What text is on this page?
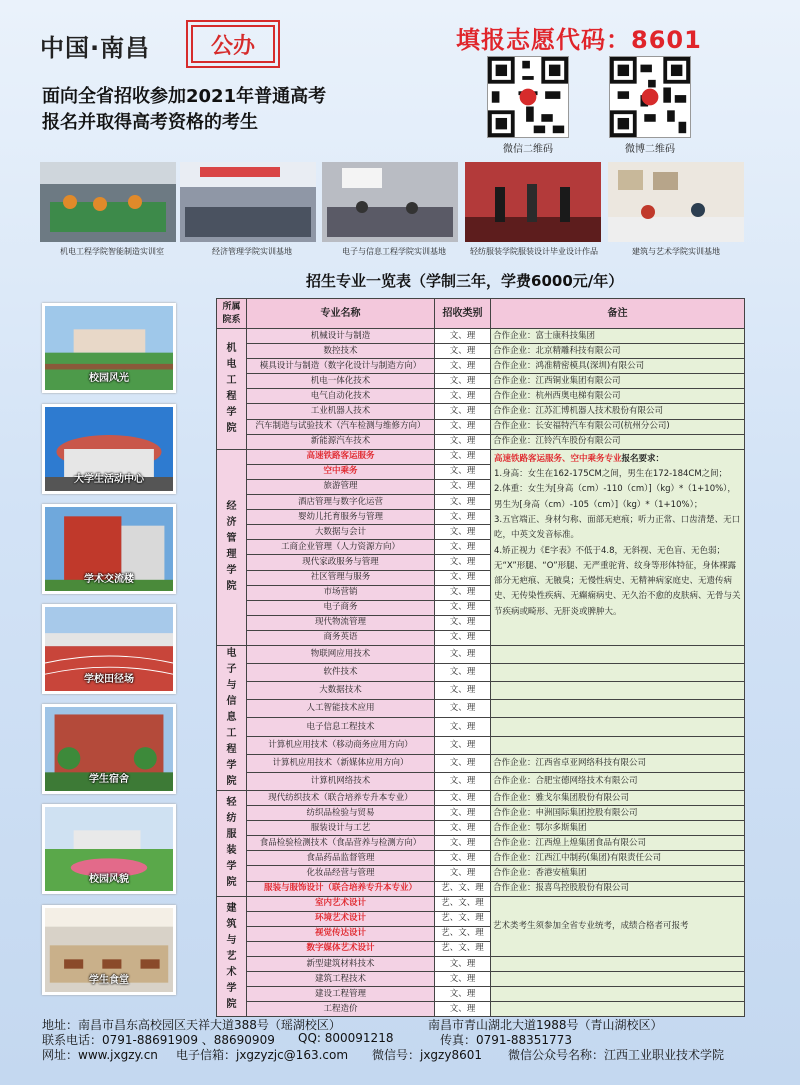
中国·南昌	公办	填报志愿代码：8601
面向全省招收参加2021年普通高考
报名并取得高考资格的考生
微信二维码	微博二维码
机电工程学院智能制造实训室	经济管理学院实训基地	电子与信息工程学院实训基地	轻纺服装学院服装设计毕业设计作品	建筑与艺术学院实训基地
招生专业一览表（学制三年，学费6000元/年）
校园风光
大学生活动中心
学术交流楼
学校田径场
学生宿舍
校园风貌
学生食堂
所属院系	专业名称	招收类别	备注
机电工程学院	机械设计与制造	文、理	合作企业：富士康科技集团
	数控技术	文、理	合作企业：北京精雕科技有限公司
	模具设计与制造（数字化设计与制造方向）	文、理	合作企业：鸿准精密模具(深圳)有限公司
	机电一体化技术	文、理	合作企业：江西铜业集团有限公司
	电气自动化技术	文、理	合作企业：杭州西奥电梯有限公司
	工业机器人技术	文、理	合作企业：江苏汇博机器人技术股份有限公司
	汽车制造与试验技术（汽车检测与维修方向）	文、理	合作企业：长安福特汽车有限公司(杭州分公司)
	新能源汽车技术	文、理	合作企业：江铃汽车股份有限公司
经济管理学院	高速铁路客运服务	文、理	高速铁路客运服务、空中乘务专业报名要求：
1.身高：女生在162-175CM之间，男生在172-184CM之间；
2.体重：女生为[身高（cm）-110（cm）]（kg）*（1+10%），男生为[身高（cm）-105（cm）]（kg）*（1+10%）；
3.五官端正、身材匀称、面部无疤痕；听力正常、口齿清楚、无口吃，中英文发音标准。
4.矫正视力《E字表》不低于4.8，无斜视、无色盲、无色弱；无“X”形腿、“O”形腿、无严重驼背、纹身等形体特征，身体裸露部分无疤痕、无腋臭；无慢性病史、无精神病家庭史、无遗传病史、无传染性疾病、无癫痫病史、无久治不愈的皮肤病、无骨与关节疾病或畸形、无肝炎或脾肿大。

	空中乘务	文、理	
	旅游管理	文、理	
	酒店管理与数字化运营	文、理	
	婴幼儿托育服务与管理	文、理	
	大数据与会计	文、理	
	工商企业管理（人力资源方向）	文、理	
	现代家政服务与管理	文、理	
	社区管理与服务	文、理	
	市场营销	文、理	
	电子商务	文、理	
	现代物流管理	文、理	
	商务英语	文、理	
电子与信息工程学院	物联网应用技术	文、理	
	软件技术	文、理	
	大数据技术	文、理	
	人工智能技术应用	文、理	
	电子信息工程技术	文、理	
	计算机应用技术（移动商务应用方向）	文、理	
	计算机应用技术（新媒体应用方向）	文、理	合作企业：江西省卓亚网络科技有限公司
	计算机网络技术	文、理	合作企业：合肥宝德网络技术有限公司
轻纺服装学院	现代纺织技术（联合培养专升本专业）	文、理	合作企业：雅戈尔集团股份有限公司
	纺织品检验与贸易	文、理	合作企业：申洲国际集团控股有限公司
	服装设计与工艺	文、理	合作企业：鄂尔多斯集团
	食品检验检测技术（食品营养与检测方向）	文、理	合作企业：江西煌上煌集团食品有限公司
	食品药品监督管理	文、理	合作企业：江西江中制药(集团)有限责任公司
	化妆品经营与管理	文、理	合作企业：香港安植集团
	服装与服饰设计（联合培养专升本专业）	艺、文、理	合作企业：报喜鸟控股股份有限公司
建筑与艺术学院	室内艺术设计	艺、文、理	艺术类考生须参加全省专业统考，成绩合格者可报考
	环境艺术设计	艺、文、理	
	视觉传达设计	艺、文、理	
	数字媒体艺术设计	艺、文、理	
	新型建筑材料技术	文、理	
	建筑工程技术	文、理	
	建设工程管理	文、理	
	工程造价	文、理	
地址：南昌市昌东高校园区天祥大道388号（瑶湖校区）	南昌市青山湖北大道1988号（青山湖校区）
联系电话：0791-88691909 、88690909 QQ: 800091218	传真：0791-88351773
网址：www.jxgzy.cn 电子信箱：jxgzyzjc@163.com 微信号：jxgzy8601 微信公众号名称：江西工业职业技术学院
